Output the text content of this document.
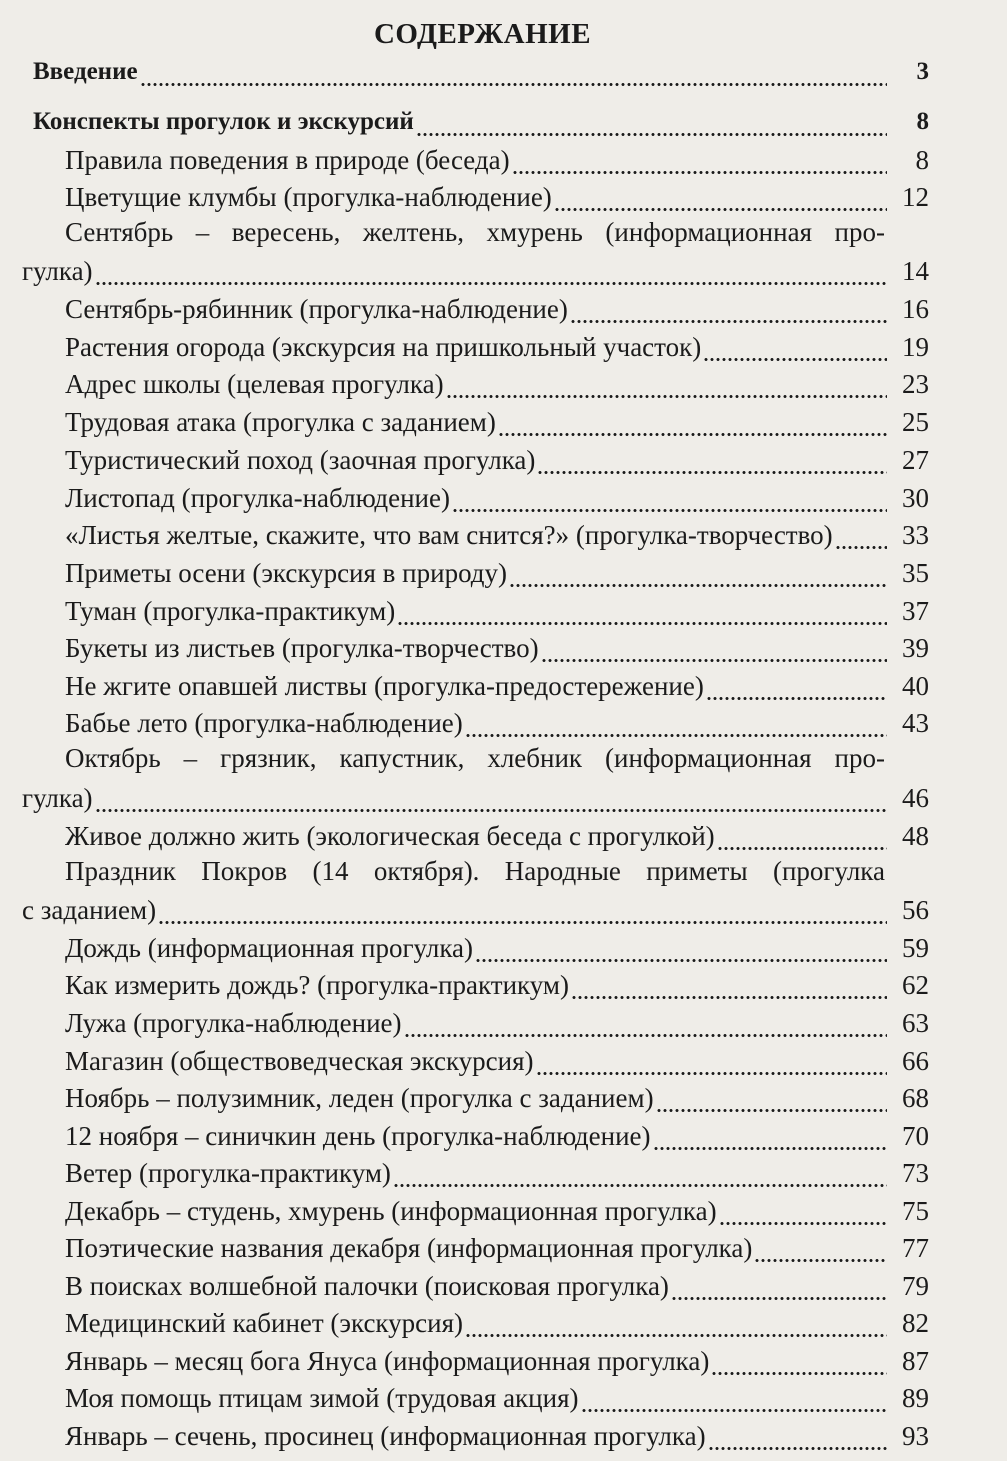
СОДЕРЖАНИЕ
Введение	3
Конспекты прогулок и экскурсий	8
Правила поведения в природе (беседа)	8
Цветущие клумбы (прогулка-наблюдение)	12
Сентябрь – вересень, желтень, хмурень (информационная про-
гулка)	14
Сентябрь-рябинник (прогулка-наблюдение)	16
Растения огорода (экскурсия на пришкольный участок)	19
Адрес школы (целевая прогулка)	23
Трудовая атака (прогулка с заданием)	25
Туристический поход (заочная прогулка)	27
Листопад (прогулка-наблюдение)	30
«Листья желтые, скажите, что вам снится?» (прогулка-творчество)	33
Приметы осени (экскурсия в природу)	35
Туман (прогулка-практикум)	37
Букеты из листьев (прогулка-творчество)	39
Не жгите опавшей листвы (прогулка-предостережение)	40
Бабье лето (прогулка-наблюдение)	43
Октябрь – грязник, капустник, хлебник (информационная про-
гулка)	46
Живое должно жить (экологическая беседа с прогулкой)	48
Праздник Покров (14 октября). Народные приметы (прогулка
с заданием)	56
Дождь (информационная прогулка)	59
Как измерить дождь? (прогулка-практикум)	62
Лужа (прогулка-наблюдение)	63
Магазин (обществоведческая экскурсия)	66
Ноябрь – полузимник, леден (прогулка с заданием)	68
12 ноября – синичкин день (прогулка-наблюдение)	70
Ветер (прогулка-практикум)	73
Декабрь – студень, хмурень (информационная прогулка)	75
Поэтические названия декабря (информационная прогулка)	77
В поисках волшебной палочки (поисковая прогулка)	79
Медицинский кабинет (экскурсия)	82
Январь – месяц бога Януса (информационная прогулка)	87
Моя помощь птицам зимой (трудовая акция)	89
Январь – сечень, просинец (информационная прогулка)	93
